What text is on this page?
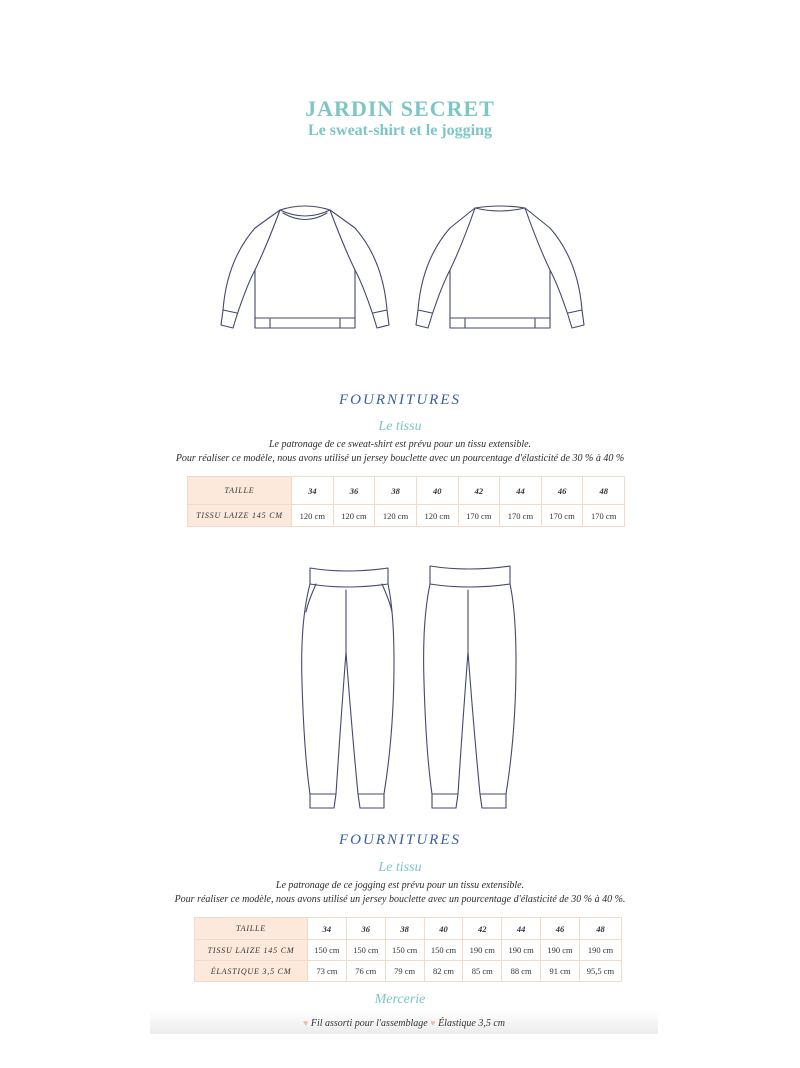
JARDIN SECRET
Le sweat-shirt et le jogging
FOURNITURES
Le tissu
Le patronage de ce sweat-shirt est prévu pour un tissu extensible.
Pour réaliser ce modèle, nous avons utilisé un jersey bouclette avec un pourcentage d'élasticité de 30 % à 40 %
TAILLE	34	36	38	40	42	44	46	48
TISSU LAIZE 145 CM	120 cm	120 cm	120 cm	120 cm	170 cm	170 cm	170 cm	170 cm
FOURNITURES
Le tissu
Le patronage de ce jogging est prévu pour un tissu extensible.
Pour réaliser ce modèle, nous avons utilisé un jersey bouclette avec un pourcentage d'élasticité de 30 % à 40 %.
TAILLE	34	36	38	40	42	44	46	48
TISSU LAIZE 145 CM	150 cm	150 cm	150 cm	150 cm	190 cm	190 cm	190 cm	190 cm
ÉLASTIQUE 3,5 CM	73 cm	76 cm	79 cm	82 cm	85 cm	88 cm	91 cm	95,5 cm
Mercerie
♥ Fil assorti pour l'assemblage ♥ Élastique 3,5 cm
